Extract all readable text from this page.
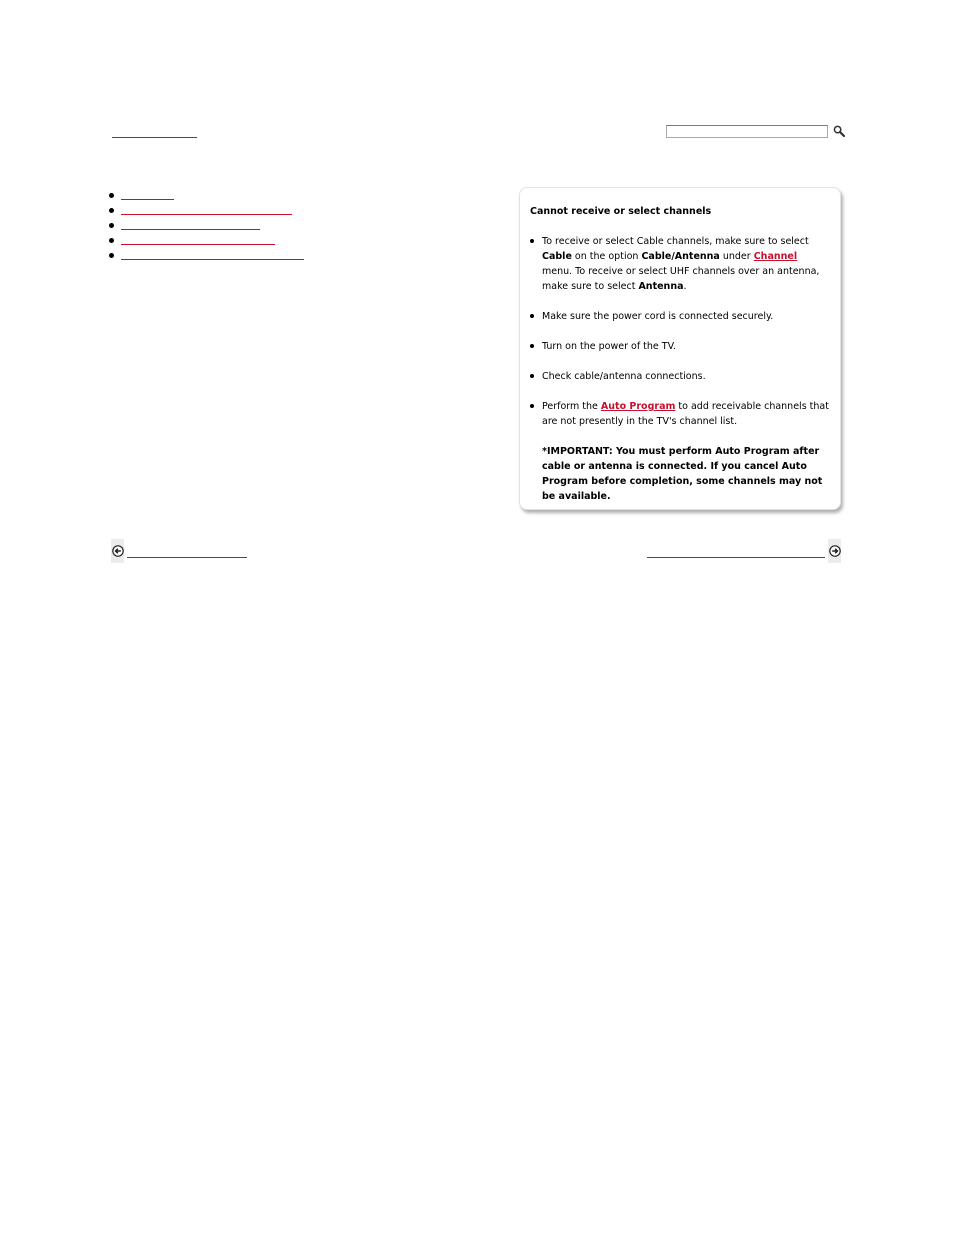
Cannot receive or select channels
To receive or select Cable channels, make sure to select Cable on the option Cable/Antenna under Channel menu. To receive or select UHF channels over an antenna, make sure to select Antenna.
Make sure the power cord is connected securely.
Turn on the power of the TV.
Check cable/antenna connections.
Perform the Auto Program to add receivable channels that are not presently in the TV's channel list.
*IMPORTANT: You must perform Auto Program after cable or antenna is connected. If you cancel Auto Program before completion, some channels may not be available.
